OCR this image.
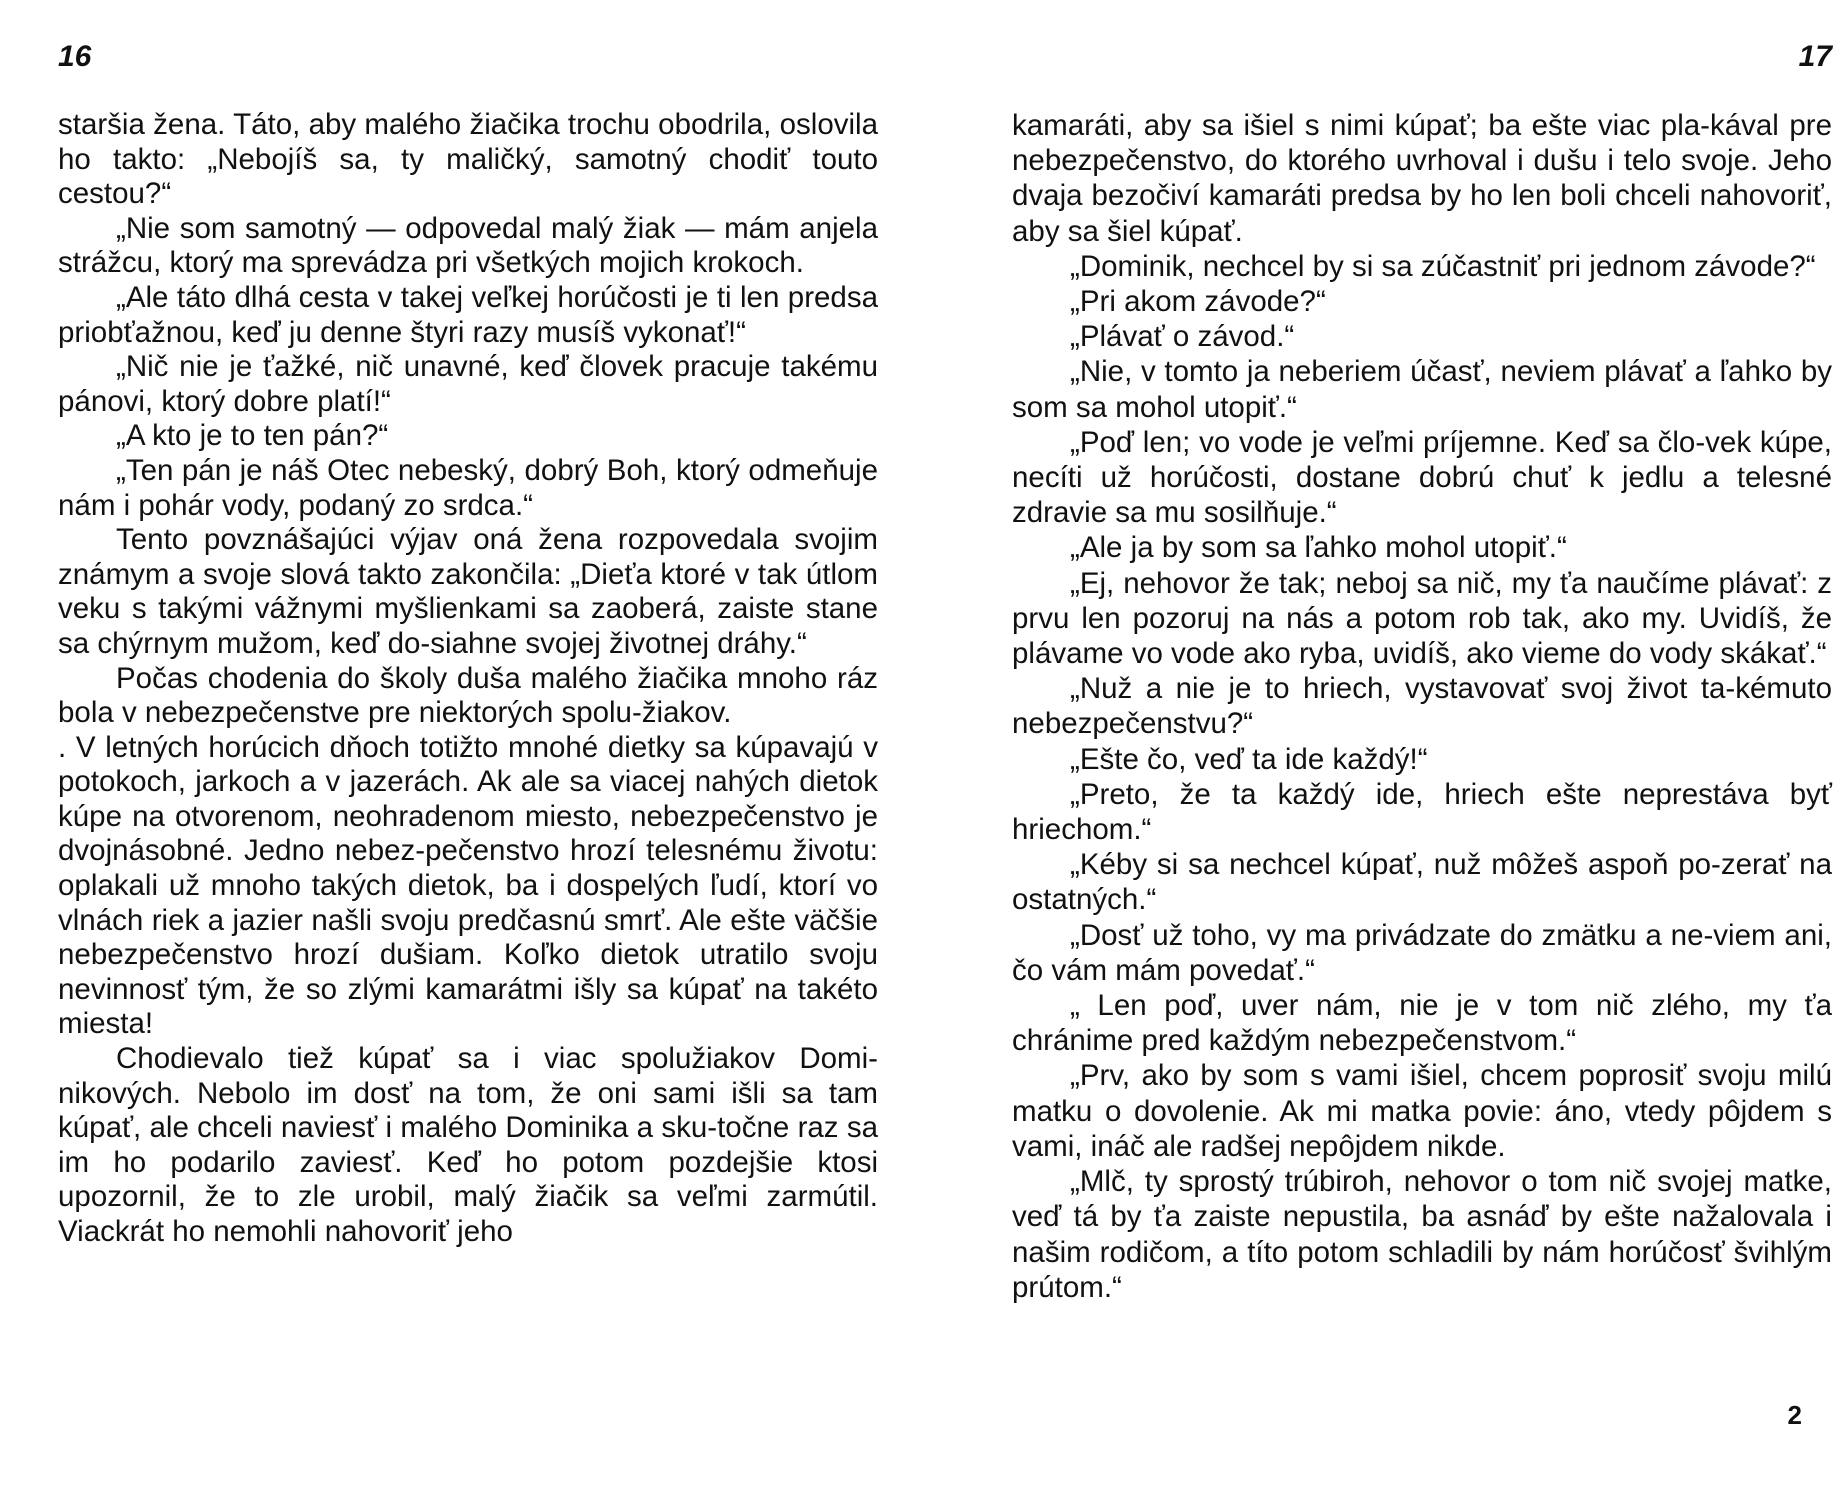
16

staršia žena. Táto, aby malého žiačika trochu obodrila, oslovila ho takto: „Nebojíš sa, ty maličký, samotný chodiť touto cestou?“

„Nie som samotný — odpovedal malý žiak — mám anjela strážcu, ktorý ma sprevádza pri všetkých mojich krokoch.

„Ale táto dlhá cesta v takej veľkej horúčosti je ti len predsa priobťažnou, keď ju denne štyri razy musíš vykonať!“

„Nič nie je ťažké, nič unavné, keď človek pracuje takému pánovi, ktorý dobre platí!“

„A kto je to ten pán?“

„Ten pán je náš Otec nebeský, dobrý Boh, ktorý odmeňuje nám i pohár vody, podaný zo srdca.“

Tento povznášajúci výjav oná žena rozpovedala svojim známym a svoje slová takto zakončila: „Dieťa ktoré v tak útlom veku s takými vážnymi myšlienkami sa zaoberá, zaiste stane sa chýrnym mužom, keď do-siahne svojej životnej dráhy.“

Počas chodenia do školy duša malého žiačika mnoho ráz bola v nebezpečenstve pre niektorých spolu-žiakov.

. V letných horúcich dňoch totižto mnohé dietky sa kúpavajú v potokoch, jarkoch a v jazerách. Ak ale sa viacej nahých dietok kúpe na otvorenom, neohradenom miesto, nebezpečenstvo je dvojnásobné. Jedno nebez-pečenstvo hrozí telesnému životu: oplakali už mnoho takých dietok, ba i dospelých ľudí, ktorí vo vlnách riek a jazier našli svoju predčasnú smrť. Ale ešte väčšie nebezpečenstvo hrozí dušiam. Koľko dietok utratilo svoju nevinnosť tým, že so zlými kamarátmi išly sa kúpať na takéto miesta!

Chodievalo tiež kúpať sa i viac spolužiakov Domi-nikových. Nebolo im dosť na tom, že oni sami išli sa tam kúpať, ale chceli naviesť i malého Dominika a sku-točne raz sa im ho podarilo zaviesť. Keď ho potom pozdejšie ktosi upozornil, že to zle urobil, malý žiačik sa veľmi zarmútil. Viackrát ho nemohli nahovoriť jeho

17

kamaráti, aby sa išiel s nimi kúpať; ba ešte viac pla-kával pre nebezpečenstvo, do ktorého uvrhoval i dušu i telo svoje. Jeho dvaja bezočiví kamaráti predsa by ho len boli chceli nahovoriť, aby sa šiel kúpať.

„Dominik, nechcel by si sa zúčastniť pri jednom závode?“

„Pri akom závode?“

„Plávať o závod.“

„Nie, v tomto ja neberiem účasť, neviem plávať a ľahko by som sa mohol utopiť.“

„Poď len; vo vode je veľmi príjemne. Keď sa člo-vek kúpe, necíti už horúčosti, dostane dobrú chuť k jedlu a telesné zdravie sa mu sosilňuje.“

„Ale ja by som sa ľahko mohol utopiť.“

„Ej, nehovor že tak; neboj sa nič, my ťa naučíme plávať: z prvu len pozoruj na nás a potom rob tak, ako my. Uvidíš, že plávame vo vode ako ryba, uvidíš, ako vieme do vody skákať.“

„Nuž a nie je to hriech, vystavovať svoj život ta-kémuto nebezpečenstvu?“

„Ešte čo, veď ta ide každý!“

„Preto, že ta každý ide, hriech ešte neprestáva byť hriechom.“

„Kéby si sa nechcel kúpať, nuž môžeš aspoň po-zerať na ostatných.“

„Dosť už toho, vy ma privádzate do zmätku a ne-viem ani, čo vám mám povedať.“

„ Len poď, uver nám, nie je v tom nič zlého, my ťa chránime pred každým nebezpečenstvom.“

„Prv, ako by som s vami išiel, chcem poprosiť svoju milú matku o dovolenie. Ak mi matka povie: áno, vtedy pôjdem s vami, ináč ale radšej nepôjdem nikde.

„Mlč, ty sprostý trúbiroh, nehovor o tom nič svojej matke, veď tá by ťa zaiste nepustila, ba asnáď by ešte nažalovala i našim rodičom, a títo potom schladili by nám horúčosť švihlým prútom.“

2
